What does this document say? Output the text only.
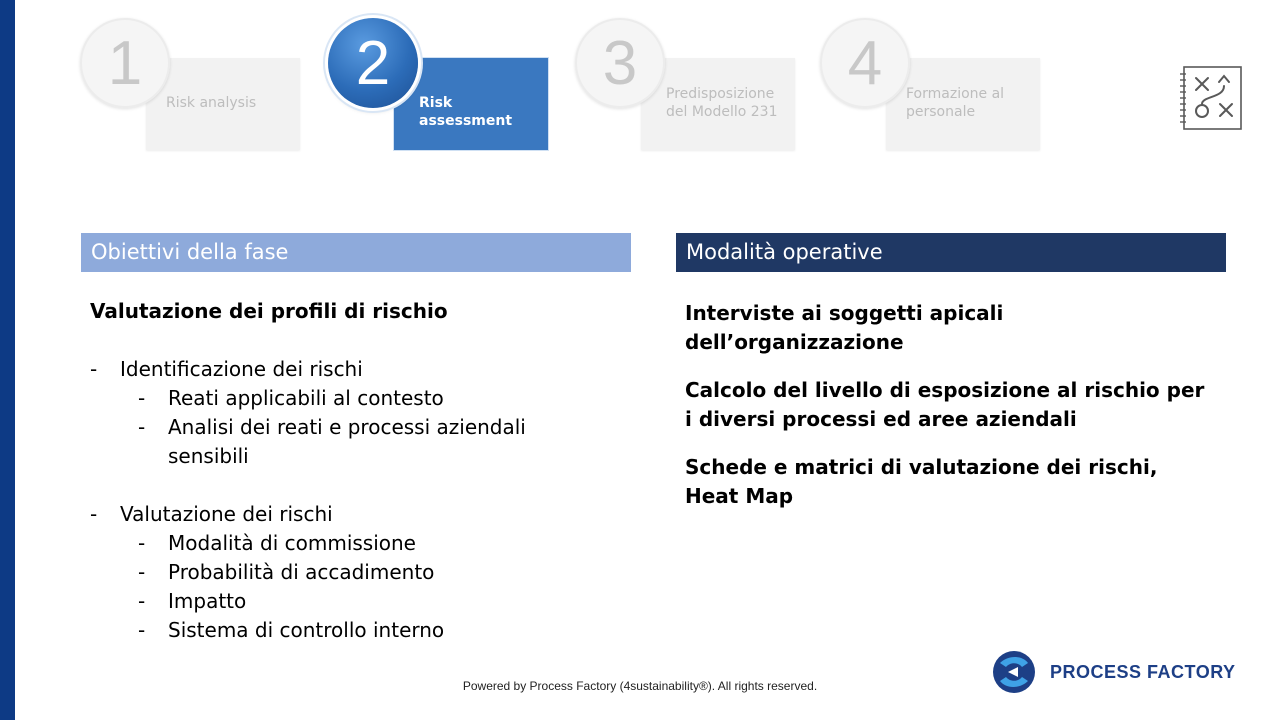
1
Risk analysis
2
Risk assessment
3	Predisposizione del Modello 231
4	Formazione al personale
Obiettivi della fase	Modalità operative
Valutazione dei profili di rischio
- Identificazione dei rischi
- Reati applicabili al contesto
- Analisi dei reati e processi aziendali sensibili
- Valutazione dei rischi
- Modalità di commissione
- Probabilità di accadimento
- Impatto
- Sistema di controllo interno
Interviste ai soggetti apicali dell’organizzazione
Calcolo del livello di esposizione al rischio per i diversi processi ed aree aziendali
Schede e matrici di valutazione dei rischi, Heat Map
Powered by Process Factory (4sustainability®). All rights reserved.
PROCESS FACTORY
